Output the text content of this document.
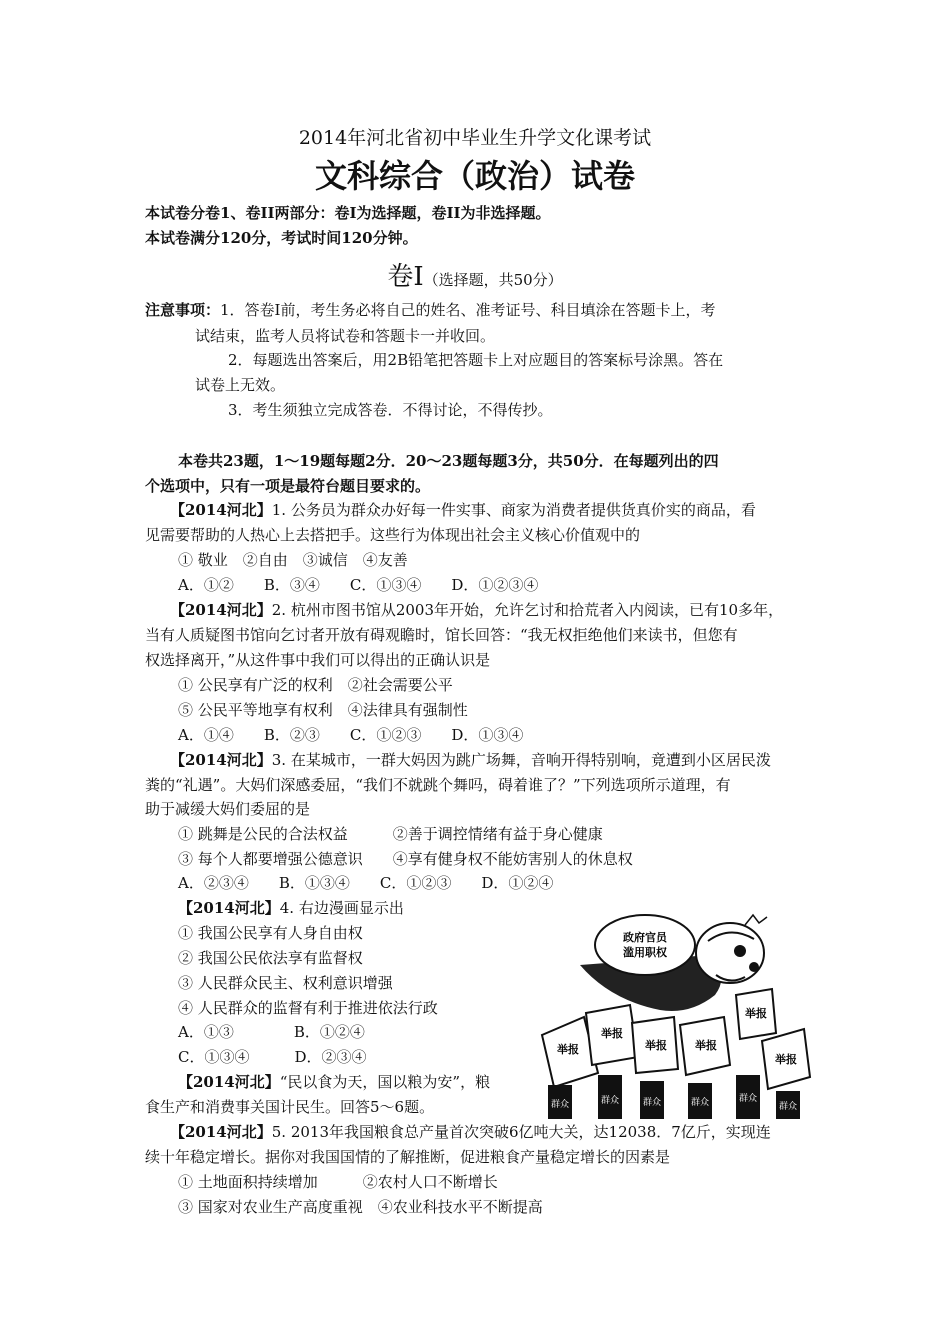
2014年河北省初中毕业生升学文化课考试
文科综合（政治）试卷
本试卷分卷1、卷II两部分：卷I为选择题，卷II为非选择题。
本试卷满分120分，考试时间120分钟。
卷Ⅰ（选择题，共50分）
注意事项：1．答卷I前，考生务必将自己的姓名、准考证号、科目填涂在答题卡上，考
试结束，监考人员将试卷和答题卡一并收回。
2．每题选出答案后，用2B铅笔把答题卡上对应题目的答案标号涂黑。答在
试卷上无效。
3．考生须独立完成答卷．不得讨论，不得传抄。
本卷共23题，1～19题每题2分．20～23题每题3分，共50分．在每题列出的四
个选项中，只有一项是最符台题目要求的。
【2014河北】1. 公务员为群众办好每一件实事、商家为消费者提供货真价实的商品，看
见需要帮助的人热心上去搭把手。这些行为体现出社会主义核心价值观中的
① 敬业　②自由　③诚信　④友善
A．①②　　B．③④　　C．①③④　　D．①②③④
【2014河北】2. 杭州市图书馆从2003年开始，允许乞讨和拾荒者入内阅读，已有10多年，
当有人质疑图书馆向乞讨者开放有碍观瞻时，馆长回答：“我无权拒绝他们来读书，但您有
权选择离开，”从这件事中我们可以得出的正确认识是
① 公民享有广泛的权利　②社会需要公平
⑤ 公民平等地享有权利　④法律具有强制性
A．①④　　B．②③　　C．①②③　　D．①③④
【2014河北】3. 在某城市，一群大妈因为跳广场舞，音响开得特别响，竟遭到小区居民泼
粪的“礼遇”。大妈们深感委屈，“我们不就跳个舞吗，碍着谁了？”下列选项所示道理，有
助于减缓大妈们委屈的是
① 跳舞是公民的合法权益　　　②善于调控情绪有益于身心健康
③ 每个人都要增强公德意识　　④享有健身权不能妨害别人的休息权
A．②③④　　B．①③④　　C．①②③　　D．①②④
【2014河北】4. 右边漫画显示出
① 我国公民享有人身自由权
② 我国公民依法享有监督权
③ 人民群众民主、权利意识增强
④ 人民群众的监督有利于推进依法行政
A．①③　　　　B．①②④
C．①③④　　　D．②③④
【2014河北】“民以食为天，国以粮为安”，粮
食生产和消费事关国计民生。回答5～6题。
【2014河北】5. 2013年我国粮食总产量首次突破6亿吨大关，达12038．7亿斤，实现连
续十年稳定增长。据你对我国国情的了解推断，促进粮食产量稳定增长的因素是
① 土地面积持续增加　　　②农村人口不断增长
③ 国家对农业生产高度重视　④农业科技水平不断提高
政府官员
滥用职权
举报
举报
举报	举报
举报
举报
群众	群众	群众	群众	群众
群众
